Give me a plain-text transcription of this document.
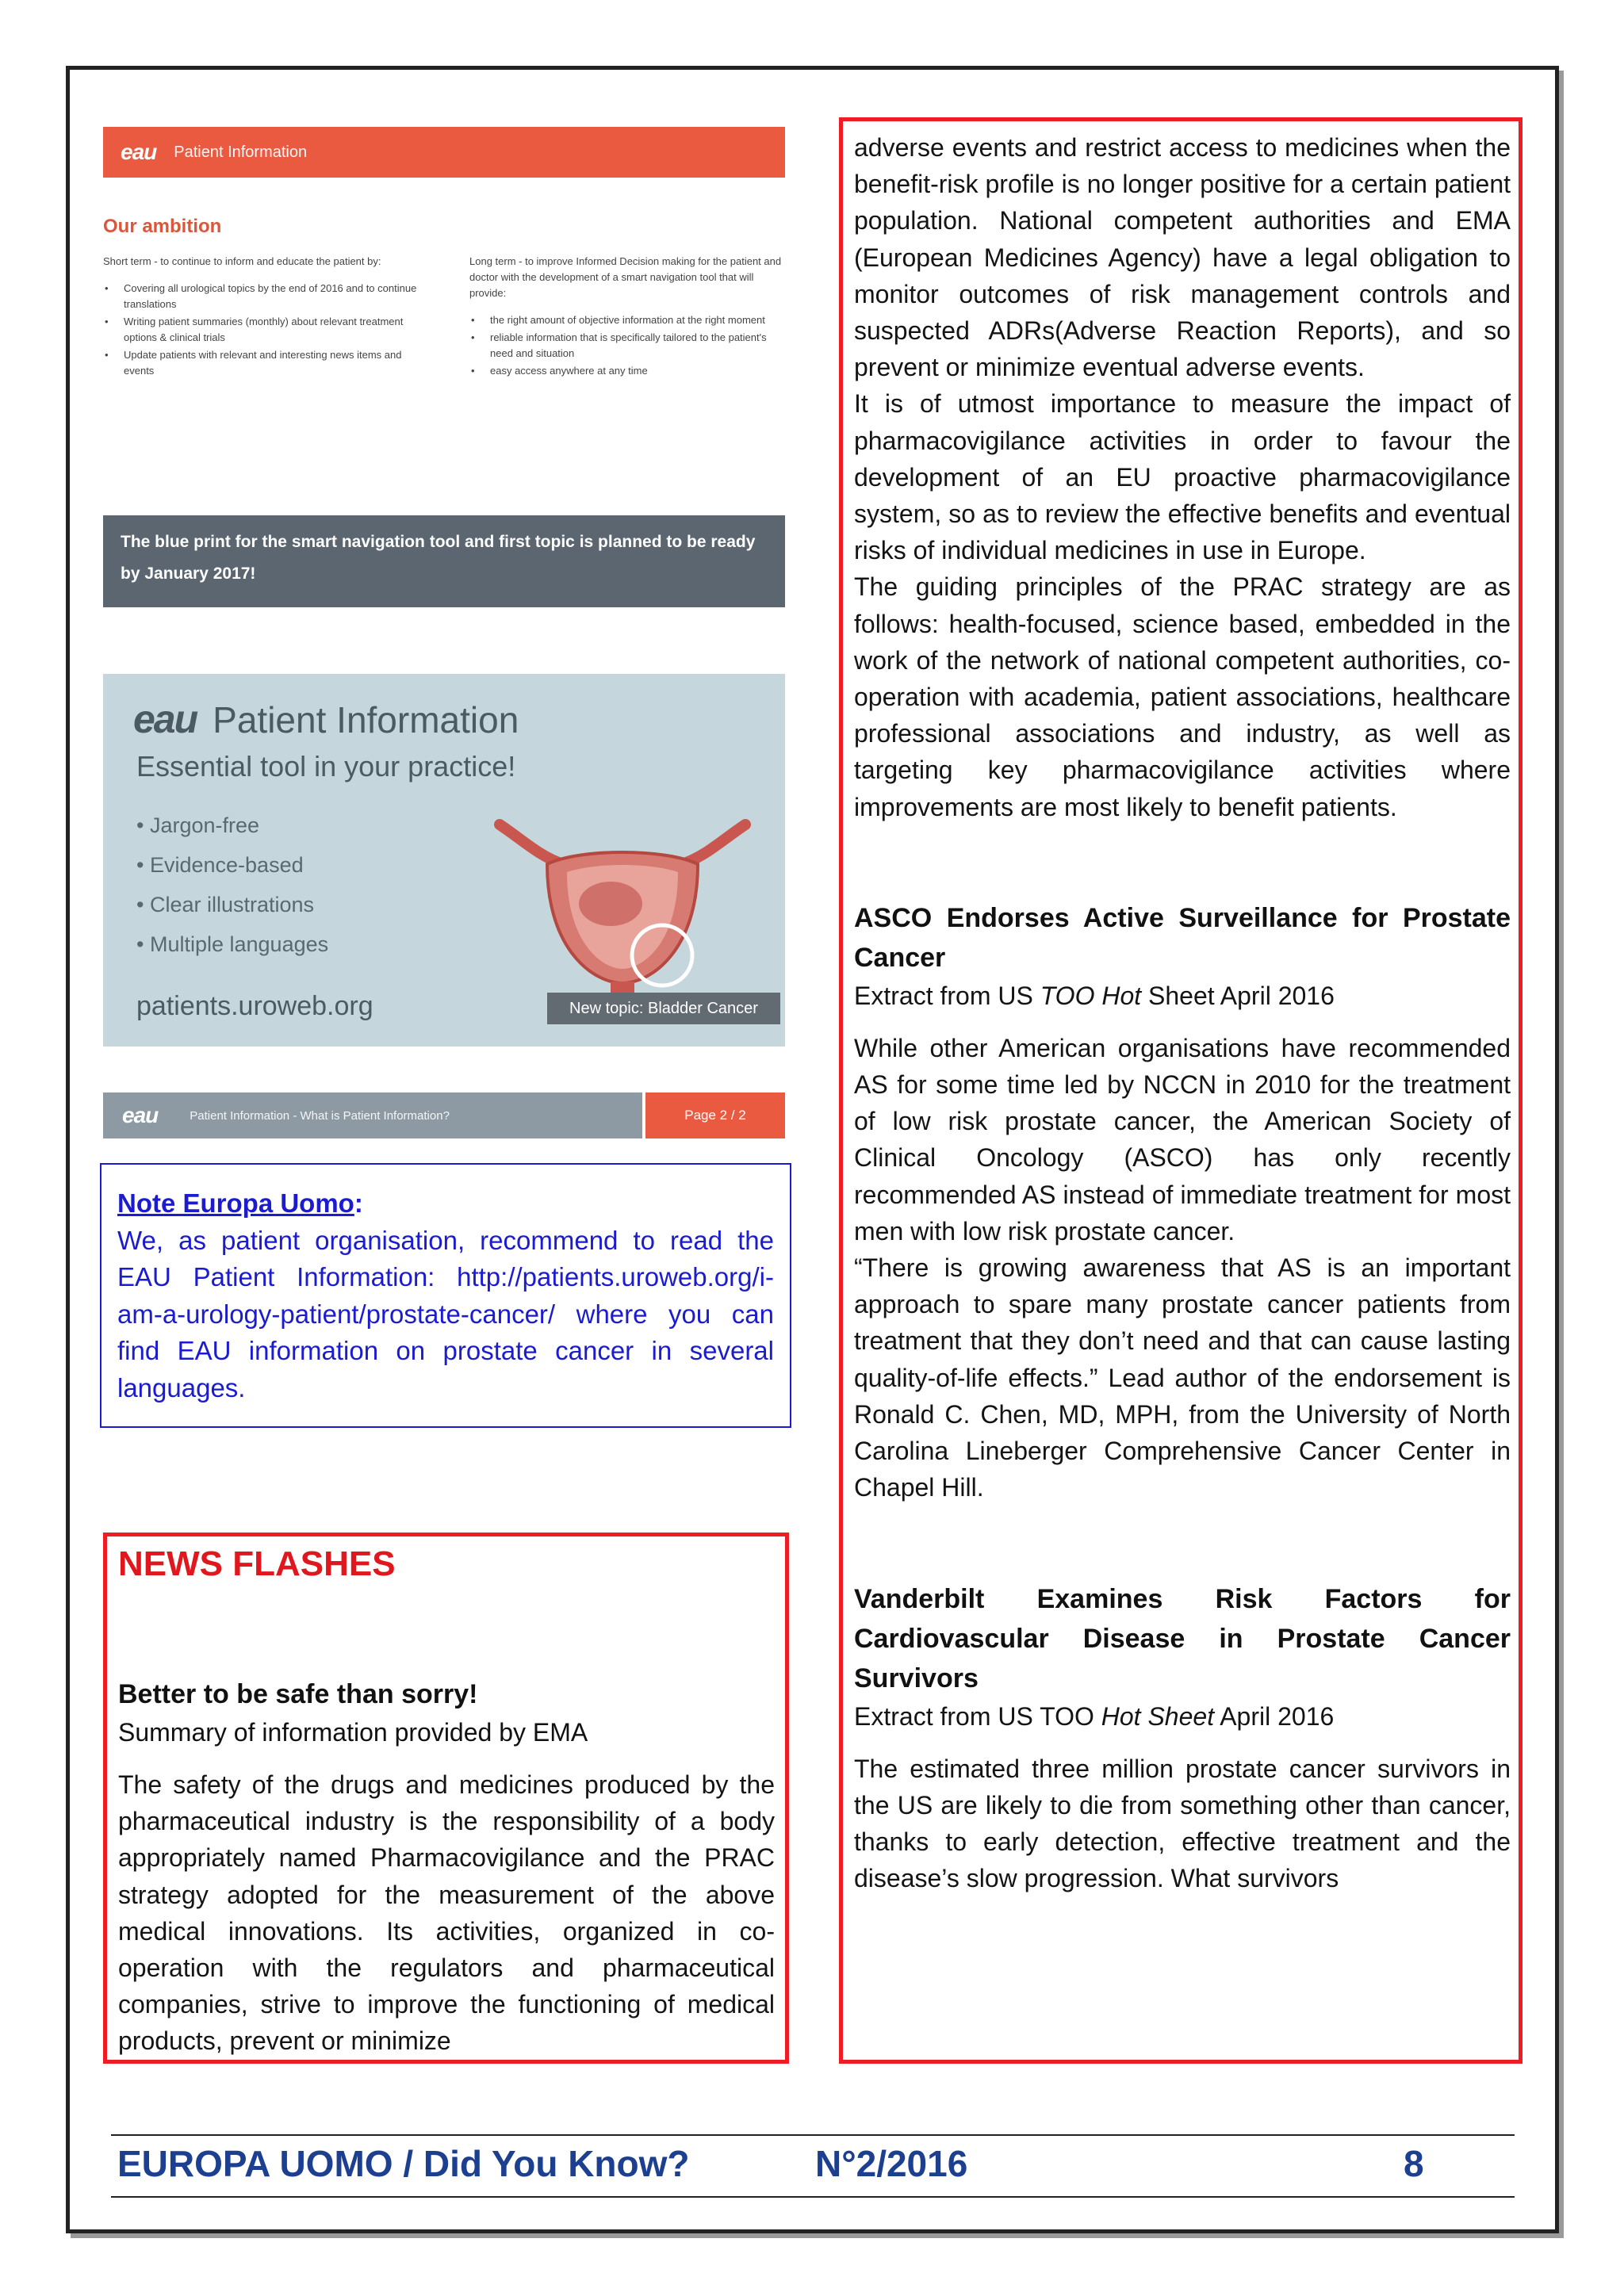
eau Patient Information
Our ambition
Short term - to continue to inform and educate the patient by:
• Covering all urological topics by the end of 2016 and to continue translations
• Writing patient summaries (monthly) about relevant treatment options & clinical trials
• Update patients with relevant and interesting news items and events
Long term - to improve Informed Decision making for the patient and doctor with the development of a smart navigation tool that will provide:
• the right amount of objective information at the right moment
• reliable information that is specifically tailored to the patient's need and situation
• easy access anywhere at any time
The blue print for the smart navigation tool and first topic is planned to be ready by January 2017!
eau Patient Information
Essential tool in your practice!
• Jargon-free
• Evidence-based
• Clear illustrations
• Multiple languages
patients.uroweb.org	New topic: Bladder Cancer
eau	Patient Information - What is Patient Information?	Page 2 / 2
Note Europa Uomo:
We, as patient organisation, recommend to read the EAU Patient Information: http://patients.uroweb.org/i-am-a-urology-patient/prostate-cancer/ where you can find EAU information on prostate cancer in several languages.
NEWS FLASHES
Better to be safe than sorry!
Summary of information provided by EMA
The safety of the drugs and medicines produced by the pharmaceutical industry is the responsibility of a body appropriately named Pharmacovigilance and the PRAC strategy adopted for the measurement of the above medical innovations. Its activities, organized in co-operation with the regulators and pharmaceutical companies, strive to improve the functioning of medical products, prevent or minimize

adverse events and restrict access to medicines when the benefit-risk profile is no longer positive for a certain patient population. National competent authorities and EMA (European Medicines Agency) have a legal obligation to monitor outcomes of risk management controls and suspected ADRs(Adverse Reaction Reports), and so prevent or minimize eventual adverse events.

It is of utmost importance to measure the impact of pharmacovigilance activities in order to favour the development of an EU proactive pharmacovigilance system, so as to review the effective benefits and eventual risks of individual medicines in use in Europe.

The guiding principles of the PRAC strategy are as follows: health-focused, science based, embedded in the work of the network of national competent authorities, co-operation with academia, patient associations, healthcare professional associations and industry, as well as targeting key pharmacovigilance activities where improvements are most likely to benefit patients.

ASCO Endorses Active Surveillance for Prostate Cancer
Extract from US TOO Hot Sheet April 2016

While other American organisations have recommended AS for some time led by NCCN in 2010 for the treatment of low risk prostate cancer, the American Society of Clinical Oncology (ASCO) has only recently recommended AS instead of immediate treatment for most men with low risk prostate cancer.

“There is growing awareness that AS is an important approach to spare many prostate cancer patients from treatment that they don’t need and that can cause lasting quality-of-life effects.” Lead author of the endorsement is Ronald C. Chen, MD, MPH, from the University of North Carolina Lineberger Comprehensive Cancer Center in Chapel Hill.

Vanderbilt Examines Risk Factors for Cardiovascular Disease in Prostate Cancer Survivors
Extract from US TOO Hot Sheet April 2016

The estimated three million prostate cancer survivors in the US are likely to die from something other than cancer, thanks to early detection, effective treatment and the disease’s slow progression. What survivors

EUROPA UOMO / Did You Know?	N°2/2016	8
